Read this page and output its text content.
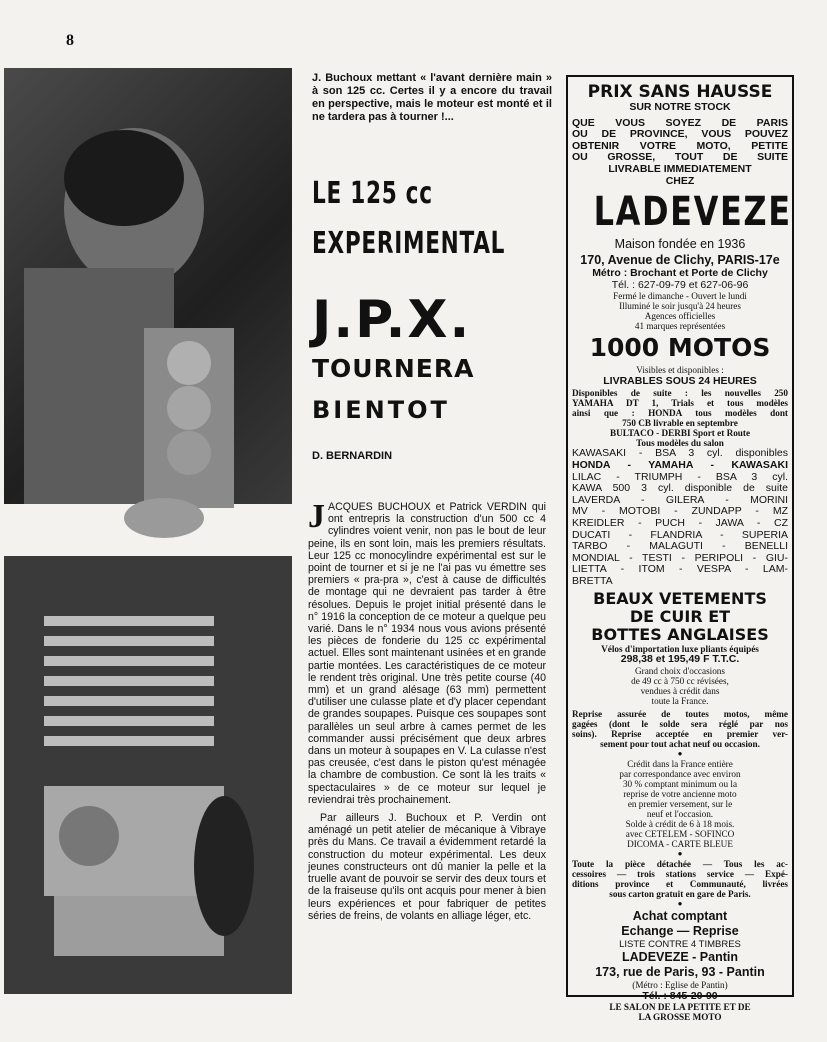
8
J. Buchoux mettant « l'avant dernière main » à son 125 cc. Certes il y a encore du travail en perspective, mais le moteur est monté et il ne tardera pas à tourner !...
LE 125 cc
EXPERIMENTAL
J.P.X.
TOURNERA
BIENTOT
D. BERNARDIN

JACQUES BUCHOUX et Patrick VERDIN qui ont entrepris la construction d'un 500 cc 4 cylindres voient venir, non pas le bout de leur peine, ils en sont loin, mais les premiers résultats. Leur 125 cc monocylindre expérimental est sur le point de tourner et si je ne l'ai pas vu émettre ses premiers « pra-pra », c'est à cause de difficultés de montage qui ne devraient pas tarder à être résolues. Depuis le projet initial présenté dans le n° 1916 la conception de ce moteur a quelque peu varié. Dans le n° 1934 nous vous avions présenté les pièces de fonderie du 125 cc expérimental actuel. Elles sont maintenant usinées et en grande partie montées. Les caractéristiques de ce moteur le rendent très original. Une très petite course (40 mm) et un grand alésage (63 mm) permettent d'utiliser une culasse plate et d'y placer cependant de grandes soupapes. Puisque ces soupapes sont parallèles un seul arbre à cames permet de les commander aussi précisément que deux arbres dans un moteur à soupapes en V. La culasse n'est pas creusée, c'est dans le piston qu'est ménagée la chambre de combustion. Ce sont là les traits « spectaculaires » de ce moteur sur lequel je reviendrai très prochainement.

Par ailleurs J. Buchoux et P. Verdin ont aménagé un petit atelier de mécanique à Vibraye près du Mans. Ce travail a évidemment retardé la construction du moteur expérimental. Les deux jeunes constructeurs ont dû manier la pelle et la truelle avant de pouvoir se servir des deux tours et de la fraiseuse qu'ils ont acquis pour mener à bien leurs expériences et pour fabriquer de petites séries de freins, de volants en alliage léger, etc.

PRIX SANS HAUSSE
SUR NOTRE STOCK
QUE VOUS SOYEZ DE PARIS
OU DE PROVINCE, VOUS POUVEZ
OBTENIR VOTRE MOTO, PETITE
OU GROSSE, TOUT DE SUITE
LIVRABLE IMMEDIATEMENT
CHEZ
LADEVEZE
Maison fondée en 1936
170, Avenue de Clichy, PARIS-17e
Métro : Brochant et Porte de Clichy
Tél. : 627-09-79 et 627-06-96
Fermé le dimanche - Ouvert le lundi
Illuminé le soir jusqu'à 24 heures
Agences officielles
41 marques représentées
1000 MOTOS
Visibles et disponibles :
LIVRABLES SOUS 24 HEURES
Disponibles de suite : les nouvelles 250
YAMAHA DT 1, Trials et tous modèles
ainsi que : HONDA tous modèles dont
750 CB livrable en septembre
BULTACO - DERBI Sport et Route
Tous modèles du salon
KAWASAKI - BSA 3 cyl. disponibles
HONDA - YAMAHA - KAWASAKI
LILAC - TRIUMPH - BSA 3 cyl.
KAWA 500 3 cyl. disponible de suite
LAVERDA - GILERA - MORINI
MV - MOTOBI - ZUNDAPP - MZ
KREIDLER - PUCH - JAWA - CZ
DUCATI - FLANDRIA - SUPERIA
TARBO - MALAGUTI - BENELLI
MONDIAL - TESTI - PERIPOLI - GIU-
LIETTA - ITOM - VESPA - LAM-
BRETTA
BEAUX VETEMENTS
DE CUIR ET
BOTTES ANGLAISES
Vélos d'importation luxe pliants équipés
298,38 et 195,49 F T.T.C.
Grand choix d'occasions
de 49 cc à 750 cc révisées,
vendues à crédit dans
toute la France.
Reprise assurée de toutes motos, même
gagées (dont le solde sera réglé par nos
soins). Reprise acceptée en premier ver-
sement pour tout achat neuf ou occasion.
●
Crédit dans la France entière
par correspondance avec environ
30 % comptant minimum ou la
reprise de votre ancienne moto
en premier versement, sur le
neuf et l'occasion.
Solde à crédit de 6 à 18 mois.
avec CETELEM - SOFINCO
DICOMA - CARTE BLEUE
●
Toute la pièce détachée — Tous les ac-
cessoires — trois stations service — Expé-
ditions province et Communauté, livrées
sous carton gratuit en gare de Paris.
●
Achat comptant
Echange — Reprise
LISTE CONTRE 4 TIMBRES
LADEVEZE - Pantin
173, rue de Paris, 93 - Pantin
(Métro : Eglise de Pantin)
Tél. : 845-20-90
LE SALON DE LA PETITE ET DE
LA GROSSE MOTO
